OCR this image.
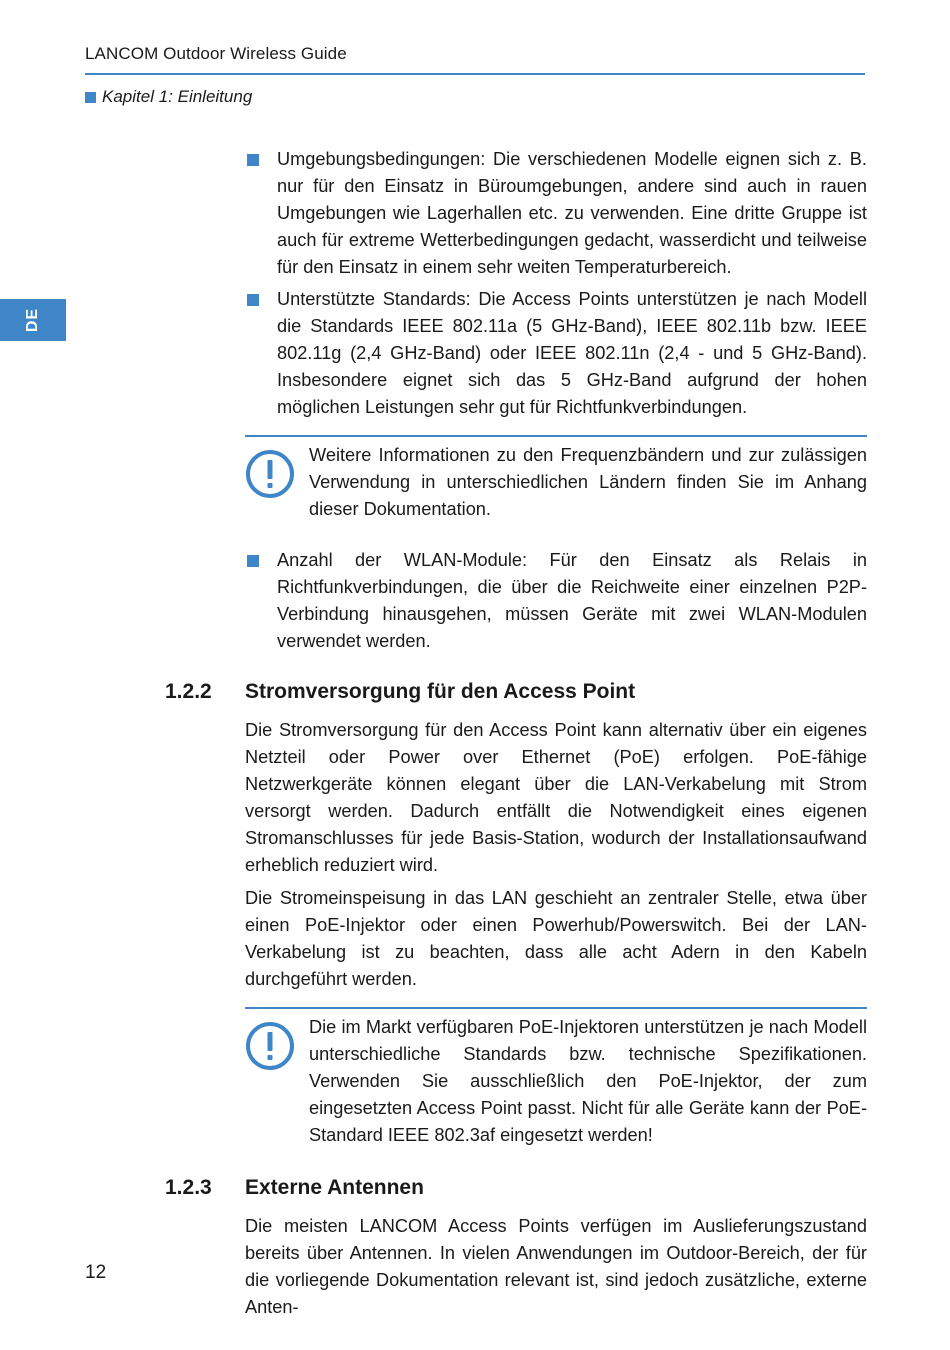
LANCOM Outdoor Wireless Guide
Kapitel 1: Einleitung
DE
Umgebungsbedingungen: Die verschiedenen Modelle eignen sich z. B. nur für den Einsatz in Büroumgebungen, andere sind auch in rauen Umgebungen wie Lagerhallen etc. zu verwenden. Eine dritte Gruppe ist auch für extreme Wetterbedingungen gedacht, wasserdicht und teilweise für den Einsatz in einem sehr weiten Temperaturbereich.
Unterstützte Standards: Die Access Points unterstützen je nach Modell die Standards IEEE 802.11a (5 GHz-Band), IEEE 802.11b bzw. IEEE 802.11g (2,4 GHz-Band) oder IEEE 802.11n (2,4 - und 5 GHz-Band). Insbesondere eignet sich das 5 GHz-Band aufgrund der hohen möglichen Leistungen sehr gut für Richtfunkverbindungen.
Weitere Informationen zu den Frequenzbändern und zur zulässigen Verwendung in unterschiedlichen Ländern finden Sie im Anhang dieser Dokumentation.
Anzahl der WLAN-Module: Für den Einsatz als Relais in Richtfunkverbindungen, die über die Reichweite einer einzelnen P2P-Verbindung hinausgehen, müssen Geräte mit zwei WLAN-Modulen verwendet werden.
1.2.2 Stromversorgung für den Access Point
Die Stromversorgung für den Access Point kann alternativ über ein eigenes Netzteil oder Power over Ethernet (PoE) erfolgen. PoE-fähige Netzwerkgeräte können elegant über die LAN-Verkabelung mit Strom versorgt werden. Dadurch entfällt die Notwendigkeit eines eigenen Stromanschlusses für jede Basis-Station, wodurch der Installationsaufwand erheblich reduziert wird.
Die Stromeinspeisung in das LAN geschieht an zentraler Stelle, etwa über einen PoE-Injektor oder einen Powerhub/Powerswitch. Bei der LAN-Verkabelung ist zu beachten, dass alle acht Adern in den Kabeln durchgeführt werden.
Die im Markt verfügbaren PoE-Injektoren unterstützen je nach Modell unterschiedliche Standards bzw. technische Spezifikationen. Verwenden Sie ausschließlich den PoE-Injektor, der zum eingesetzten Access Point passt. Nicht für alle Geräte kann der PoE-Standard IEEE 802.3af eingesetzt werden!
1.2.3 Externe Antennen
Die meisten LANCOM Access Points verfügen im Auslieferungszustand bereits über Antennen. In vielen Anwendungen im Outdoor-Bereich, der für die vorliegende Dokumentation relevant ist, sind jedoch zusätzliche, externe Anten-
12
